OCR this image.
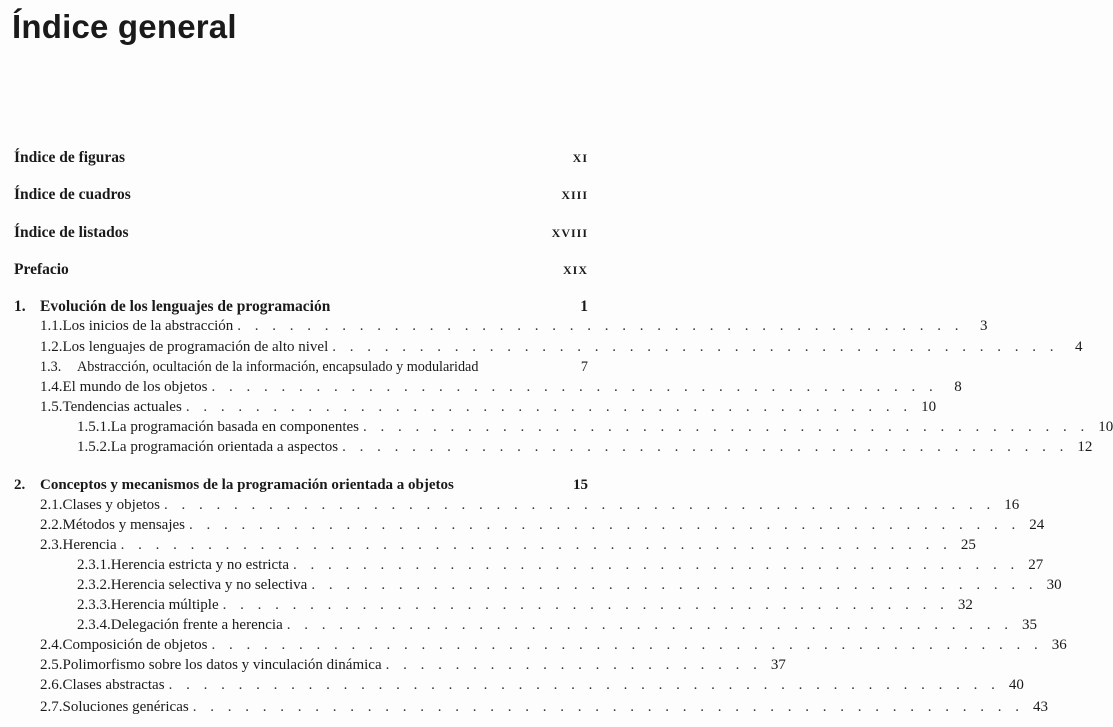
Índice general
Índice de figuras	XI
Índice de cuadros	XIII
Índice de listados	XVIII
Prefacio	XIX
1. Evolución de los lenguajes de programación	1
1.1. Los inicios de la abstracción . . . . . . . . . . . . . . . . . . . . . . . . . . . . . . . . . . . . . . . . . .	3
1.2. Los lenguajes de programación de alto nivel . . . . . . . . . . . . . . . . . . . . . . . . . . . . . . . . . . . . . . . . . .	4
1.3.	Abstracción, ocultación de la información, encapsulado y modularidad	7
1.4. El mundo de los objetos . . . . . . . . . . . . . . . . . . . . . . . . . . . . . . . . . . . . . . . . . .	8
1.5. Tendencias actuales . . . . . . . . . . . . . . . . . . . . . . . . . . . . . . . . . . . . . . . . . . 10
1.5.1. La programación basada en componentes . . . . . . . . . . . . . . . . . . . . . . . . . . . . . . . . . . . . . . . . . . 10
1.5.2. La programación orientada a aspectos . . . . . . . . . . . . . . . . . . . . . . . . . . . . . . . . . . . . . . . . . . 12
2. Conceptos y mecanismos de la programación orientada a objetos	15
2.1. Clases y objetos . . . . . . . . . . . . . . . . . . . . . . . . . . . . . . . . . . . . . . . . . . . . . . . . 16
2.2. Métodos y mensajes . . . . . . . . . . . . . . . . . . . . . . . . . . . . . . . . . . . . . . . . . . . . . . . . 24
2.3. Herencia . . . . . . . . . . . . . . . . . . . . . . . . . . . . . . . . . . . . . . . . . . . . . . . . 25
2.3.1. Herencia estricta y no estricta . . . . . . . . . . . . . . . . . . . . . . . . . . . . . . . . . . . . . . . . . . 27
2.3.2. Herencia selectiva y no selectiva . . . . . . . . . . . . . . . . . . . . . . . . . . . . . . . . . . . . . . . . . . 30
2.3.3. Herencia múltiple . . . . . . . . . . . . . . . . . . . . . . . . . . . . . . . . . . . . . . . . . . 32
2.3.4. Delegación frente a herencia . . . . . . . . . . . . . . . . . . . . . . . . . . . . . . . . . . . . . . . . . . 35
2.4. Composición de objetos . . . . . . . . . . . . . . . . . . . . . . . . . . . . . . . . . . . . . . . . . . . . . . . . 36
2.5. Polimorfismo sobre los datos y vinculación dinámica . . . . . . . . . . . . . . . . . . . . . . 37
2.6. Clases abstractas . . . . . . . . . . . . . . . . . . . . . . . . . . . . . . . . . . . . . . . . . . . . . . . . 40
2.7. Soluciones genéricas . . . . . . . . . . . . . . . . . . . . . . . . . . . . . . . . . . . . . . . . . . . . . . . . 43
